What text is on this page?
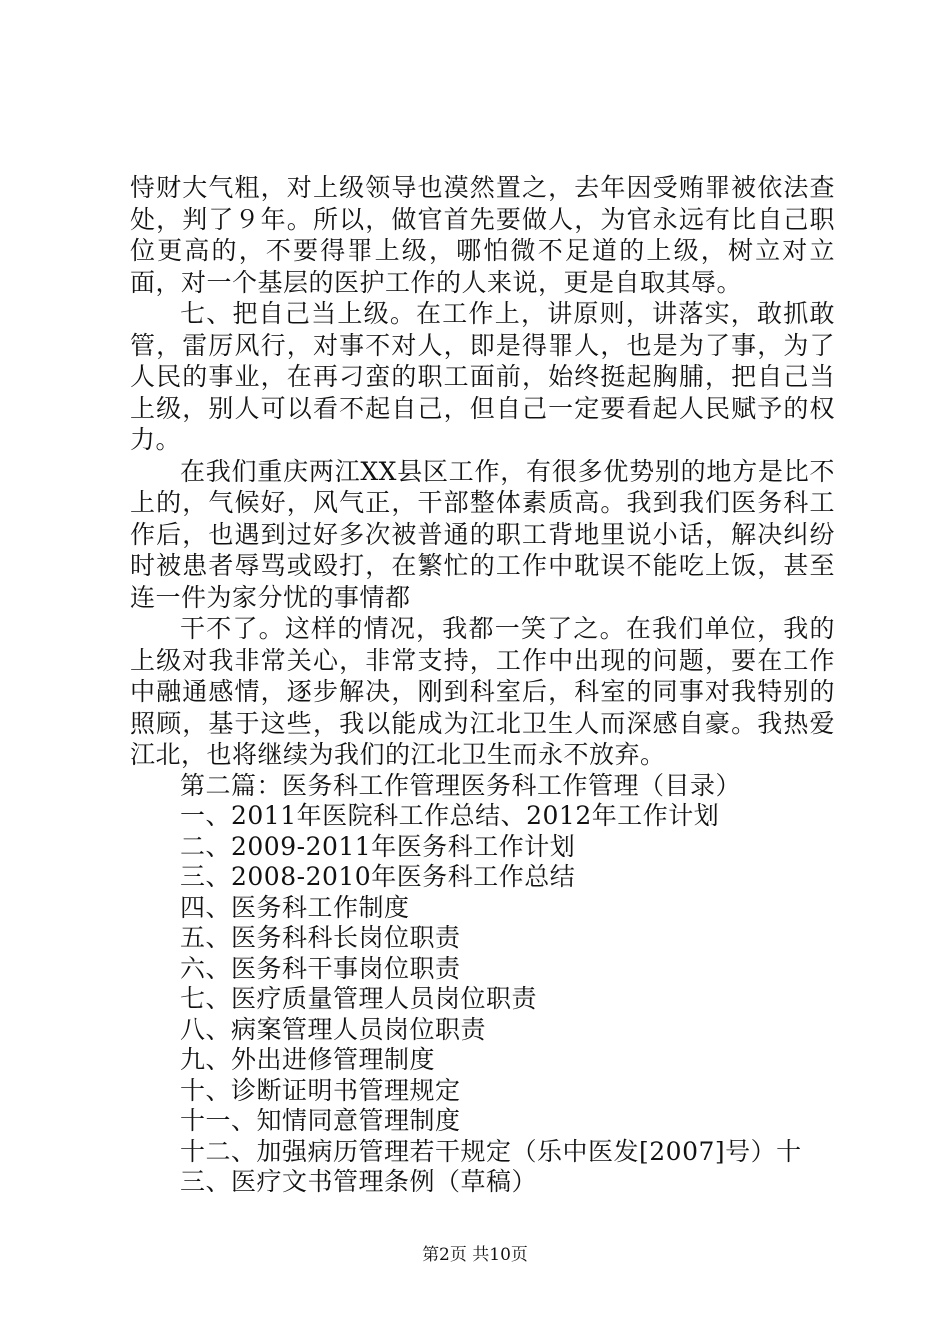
恃财大气粗，对上级领导也漠然置之，去年因受贿罪被依法查处，判了９年。所以，做官首先要做人，为官永远有比自己职位更高的，不要得罪上级，哪怕微不足道的上级，树立对立面，对一个基层的医护工作的人来说，更是自取其辱。

七、把自己当上级。在工作上，讲原则，讲落实，敢抓敢管，雷厉风行，对事不对人，即是得罪人，也是为了事，为了人民的事业，在再刁蛮的职工面前，始终挺起胸脯，把自己当上级，别人可以看不起自己，但自己一定要看起人民赋予的权力。

在我们重庆两江XX县区工作，有很多优势别的地方是比不上的，气候好，风气正，干部整体素质高。我到我们医务科工作后，也遇到过好多次被普通的职工背地里说小话，解决纠纷时被患者辱骂或殴打，在繁忙的工作中耽误不能吃上饭，甚至连一件为家分忧的事情都

干不了。这样的情况，我都一笑了之。在我们单位，我的上级对我非常关心，非常支持，工作中出现的问题，要在工作中融通感情，逐步解决，刚到科室后，科室的同事对我特别的照顾，基于这些，我以能成为江北卫生人而深感自豪。我热爱江北，也将继续为我们的江北卫生而永不放弃。

第二篇：医务科工作管理医务科工作管理（目录）

一、2011年医院科工作总结、2012年工作计划

二、2009-2011年医务科工作计划

三、2008-2010年医务科工作总结

四、医务科工作制度

五、医务科科长岗位职责

六、医务科干事岗位职责

七、医疗质量管理人员岗位职责

八、病案管理人员岗位职责

九、外出进修管理制度

十、诊断证明书管理规定

十一、知情同意管理制度

十二、加强病历管理若干规定（乐中医发[2007]号）十

三、医疗文书管理条例（草稿）

第2页 共10页
